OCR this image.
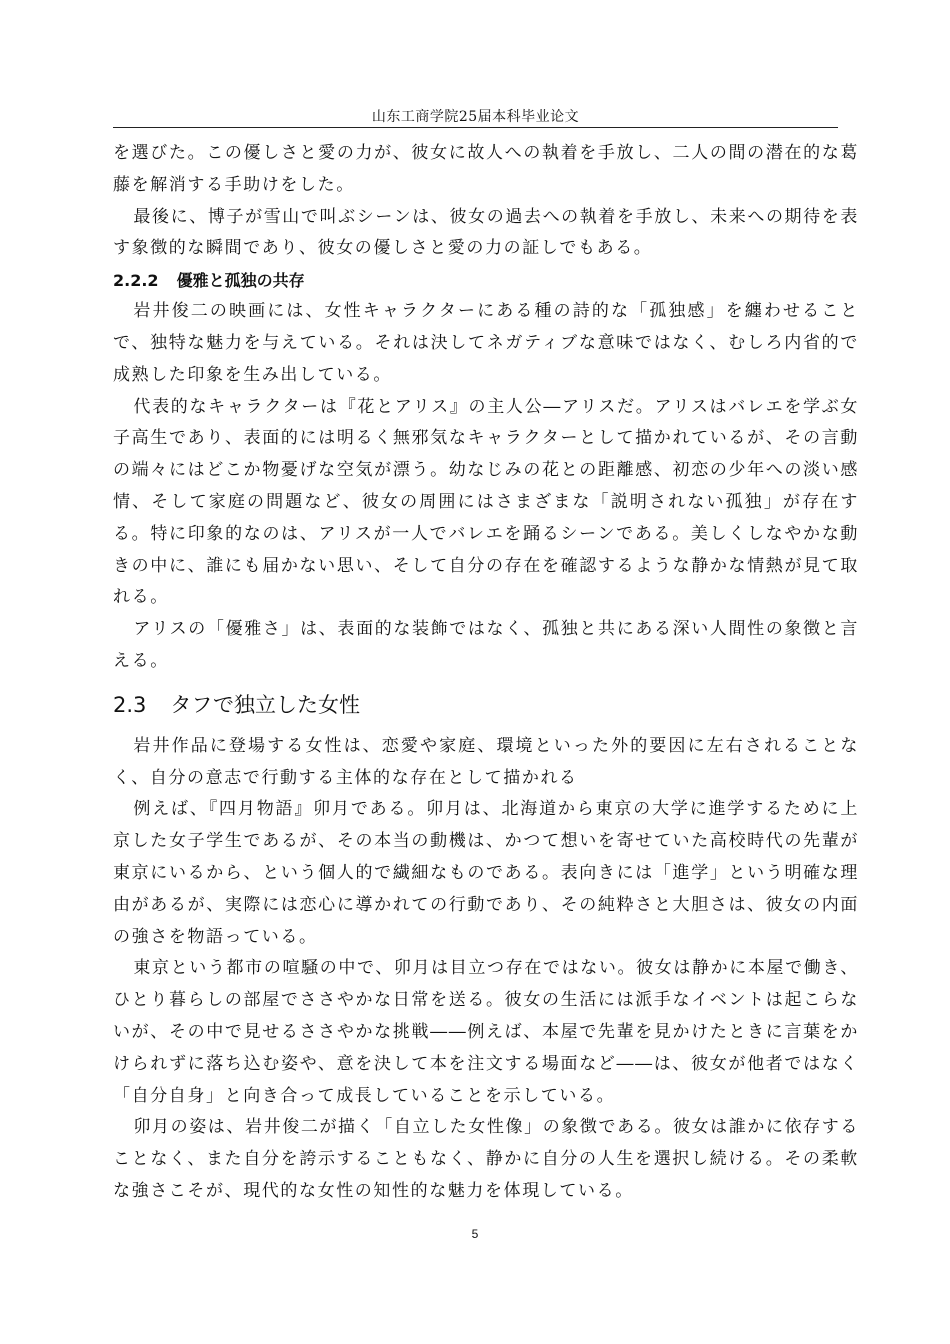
山东工商学院25届本科毕业论文

を選びた。この優しさと愛の力が、彼女に故人への執着を手放し、二人の間の潜在的な葛藤を解消する手助けをした。

最後に、博子が雪山で叫ぶシーンは、彼女の過去への執着を手放し、未来への期待を表す象徴的な瞬間であり、彼女の優しさと愛の力の証しでもある。

2.2.2 優雅と孤独の共存

岩井俊二の映画には、女性キャラクターにある種の詩的な「孤独感」を纏わせることで、独特な魅力を与えている。それは決してネガティブな意味ではなく、むしろ内省的で成熟した印象を生み出している。

代表的なキャラクターは『花とアリス』の主人公―アリスだ。アリスはバレエを学ぶ女子高生であり、表面的には明るく無邪気なキャラクターとして描かれているが、その言動の端々にはどこか物憂げな空気が漂う。幼なじみの花との距離感、初恋の少年への淡い感情、そして家庭の問題など、彼女の周囲にはさまざまな「説明されない孤独」が存在する。特に印象的なのは、アリスが一人でバレエを踊るシーンである。美しくしなやかな動きの中に、誰にも届かない思い、そして自分の存在を確認するような静かな情熱が見て取れる。

アリスの「優雅さ」は、表面的な装飾ではなく、孤独と共にある深い人間性の象徴と言える。

2.3 タフで独立した女性

岩井作品に登場する女性は、恋愛や家庭、環境といった外的要因に左右されることなく、自分の意志で行動する主体的な存在として描かれる

例えば、『四月物語』卯月である。卯月は、北海道から東京の大学に進学するために上京した女子学生であるが、その本当の動機は、かつて想いを寄せていた高校時代の先輩が東京にいるから、という個人的で繊細なものである。表向きには「進学」という明確な理由があるが、実際には恋心に導かれての行動であり、その純粋さと大胆さは、彼女の内面の強さを物語っている。

東京という都市の喧騒の中で、卯月は目立つ存在ではない。彼女は静かに本屋で働き、ひとり暮らしの部屋でささやかな日常を送る。彼女の生活には派手なイベントは起こらないが、その中で見せるささやかな挑戦――例えば、本屋で先輩を見かけたときに言葉をかけられずに落ち込む姿や、意を決して本を注文する場面など――は、彼女が他者ではなく「自分自身」と向き合って成長していることを示している。

卯月の姿は、岩井俊二が描く「自立した女性像」の象徴である。彼女は誰かに依存することなく、また自分を誇示することもなく、静かに自分の人生を選択し続ける。その柔軟な強さこそが、現代的な女性の知性的な魅力を体現している。

5
